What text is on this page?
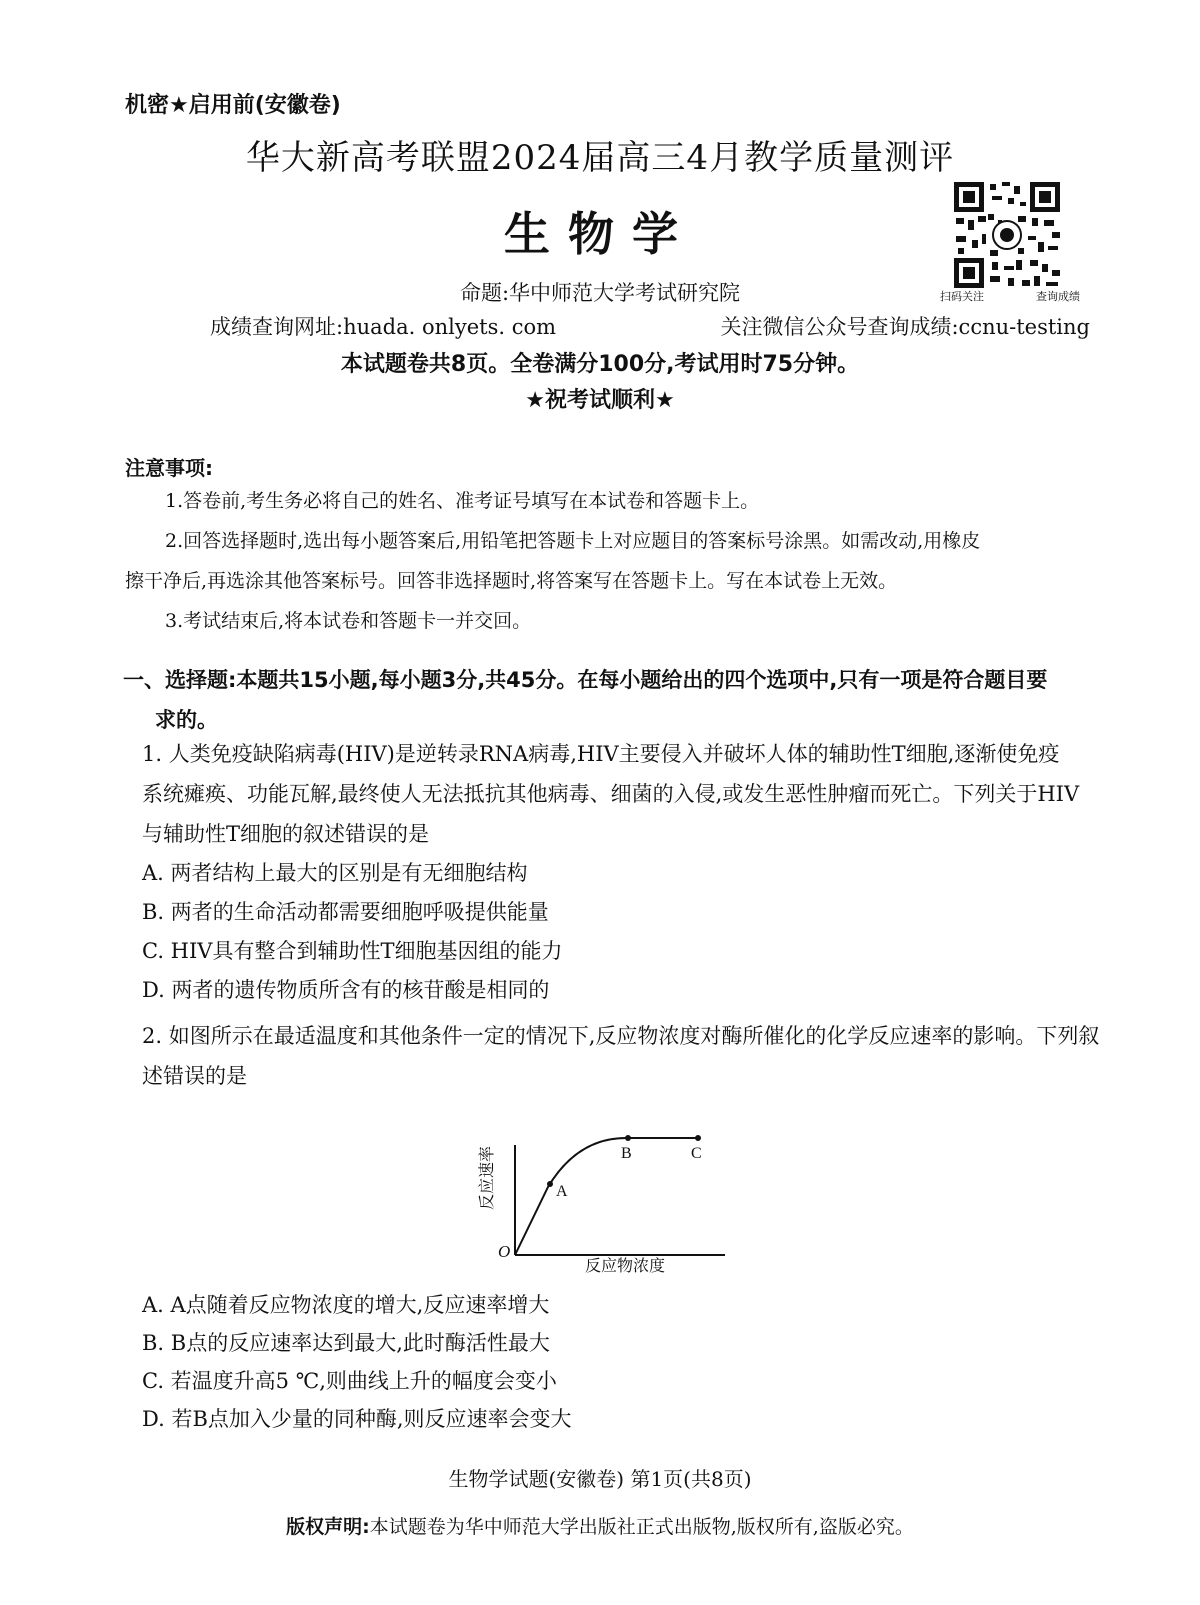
机密★启用前(安徽卷)
华大新高考联盟2024届高三4月教学质量测评
生物学
扫码关注	查询成绩
命题:华中师范大学考试研究院
成绩查询网址:huada. onlyets. com	关注微信公众号查询成绩:ccnu-testing
本试题卷共8页。全卷满分100分,考试用时75分钟。
★祝考试顺利★
注意事项:
1.答卷前,考生务必将自己的姓名、准考证号填写在本试卷和答题卡上。
2.回答选择题时,选出每小题答案后,用铅笔把答题卡上对应题目的答案标号涂黑。如需改动,用橡皮
擦干净后,再选涂其他答案标号。回答非选择题时,将答案写在答题卡上。写在本试卷上无效。
3.考试结束后,将本试卷和答题卡一并交回。
一、选择题:本题共15小题,每小题3分,共45分。在每小题给出的四个选项中,只有一项是符合题目要
求的。
1. 人类免疫缺陷病毒(HIV)是逆转录RNA病毒,HIV主要侵入并破坏人体的辅助性T细胞,逐渐使免疫
系统瘫痪、功能瓦解,最终使人无法抵抗其他病毒、细菌的入侵,或发生恶性肿瘤而死亡。下列关于HIV
与辅助性T细胞的叙述错误的是
A. 两者结构上最大的区别是有无细胞结构
B. 两者的生命活动都需要细胞呼吸提供能量
C. HIV具有整合到辅助性T细胞基因组的能力
D. 两者的遗传物质所含有的核苷酸是相同的
2. 如图所示在最适温度和其他条件一定的情况下,反应物浓度对酶所催化的化学反应速率的影响。下列叙
述错误的是
A
B	C
O
反应物浓度
反应速率
A. A点随着反应物浓度的增大,反应速率增大
B. B点的反应速率达到最大,此时酶活性最大
C. 若温度升高5 ℃,则曲线上升的幅度会变小
D. 若B点加入少量的同种酶,则反应速率会变大
生物学试题(安徽卷) 第1页(共8页)
版权声明:本试题卷为华中师范大学出版社正式出版物,版权所有,盗版必究。
